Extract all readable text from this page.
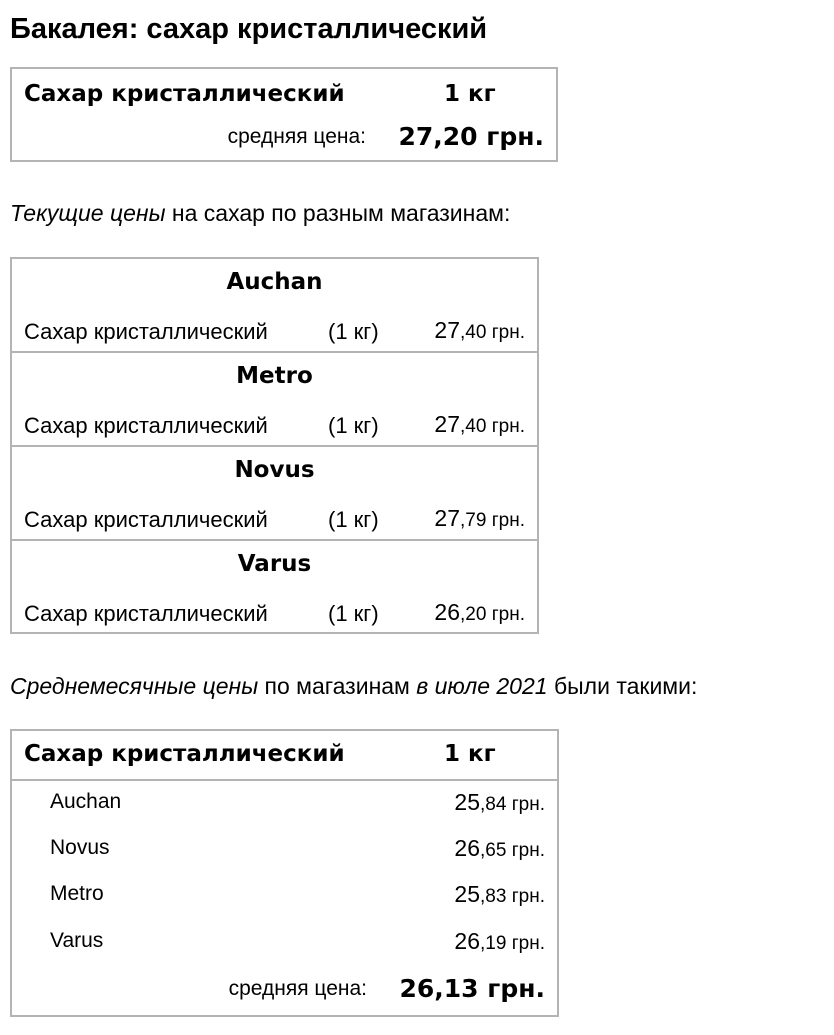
Бакалея: сахар кристаллический
Сахар кристаллический	1 кг
средняя цена: 27,20 грн.

Текущие цены на сахар по разным магазинам:

Auchan
Сахар кристаллический	(1 кг) 27,40 грн.
Metro
Сахар кристаллический	(1 кг) 27,40 грн.
Novus
Сахар кристаллический	(1 кг) 27,79 грн.
Varus
Сахар кристаллический	(1 кг) 26,20 грн.

Среднемесячные цены по магазинам в июле 2021 были такими:

Сахар кристаллический	1 кг
Auchan	25,84 грн.
Novus	26,65 грн.
Metro	25,83 грн.
Varus	26,19 грн.
средняя цена: 26,13 грн.
